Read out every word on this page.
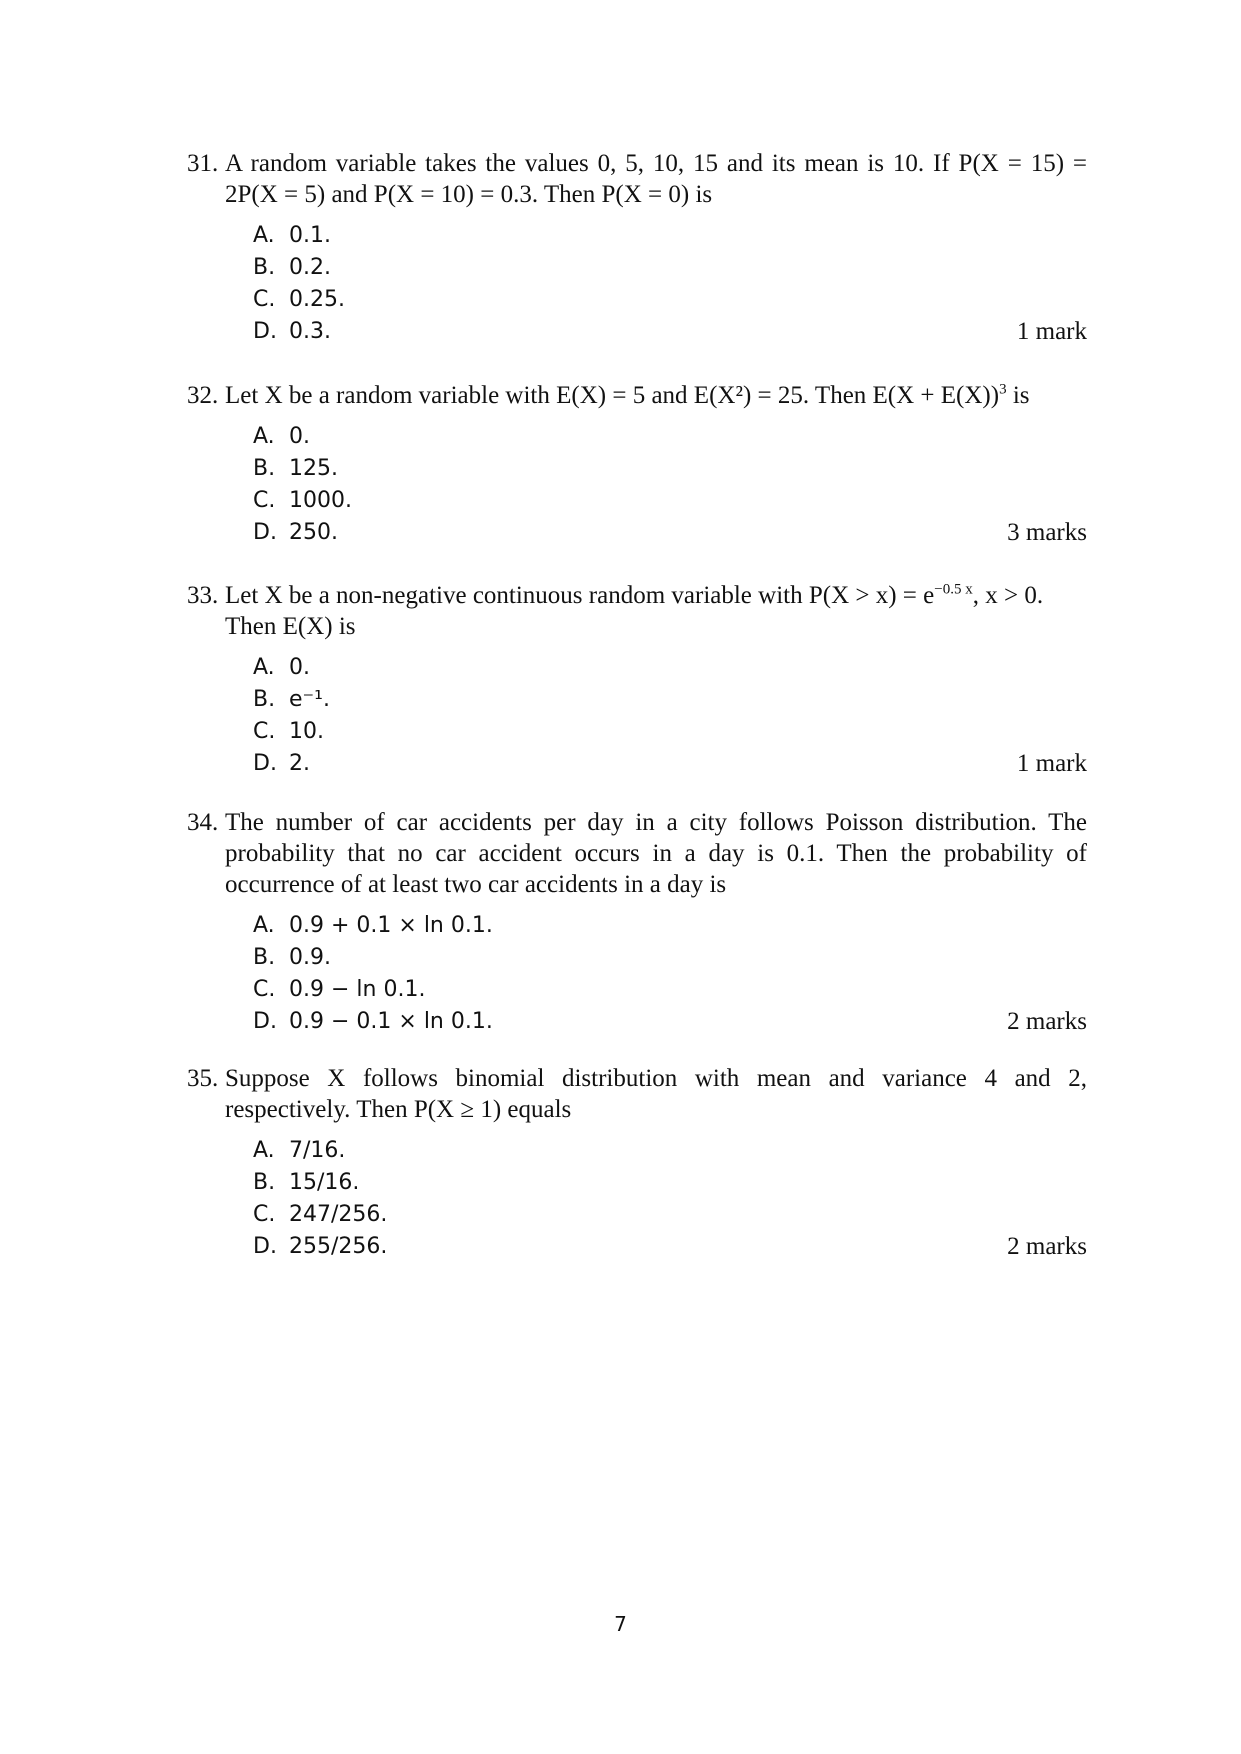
31. A random variable takes the values 0, 5, 10, 15 and its mean is 10. If P(X = 15) =
2P(X = 5) and P(X = 10) = 0.3. Then P(X = 0) is
A. 0.1.
B. 0.2.
C. 0.25.
D. 0.3.	1 mark
32. Let X be a random variable with E(X) = 5 and E(X²) = 25. Then $E(X + E(X))^3$ is
A. 0.
B. 125.
C. 1000.
D. 250.	3 marks
33. Let X be a non-negative continuous random variable with $P(X > x) = e^{-0.5 x}$, x > 0.
Then E(X) is
A. 0.
B. e⁻¹.
C. 10.
D. 2.	1 mark
34. The number of car accidents per day in a city follows Poisson distribution. The
probability that no car accident occurs in a day is 0.1. Then the probability of
occurrence of at least two car accidents in a day is
A. 0.9 + 0.1 × ln 0.1.
B. 0.9.
C. 0.9 − ln 0.1.
D. 0.9 − 0.1 × ln 0.1.	2 marks
35. Suppose X follows binomial distribution with mean and variance 4 and 2,
respectively. Then P(X ≥ 1) equals
A. 7/16.
B. 15/16.
C. 247/256.
D. 255/256.	2 marks
7
